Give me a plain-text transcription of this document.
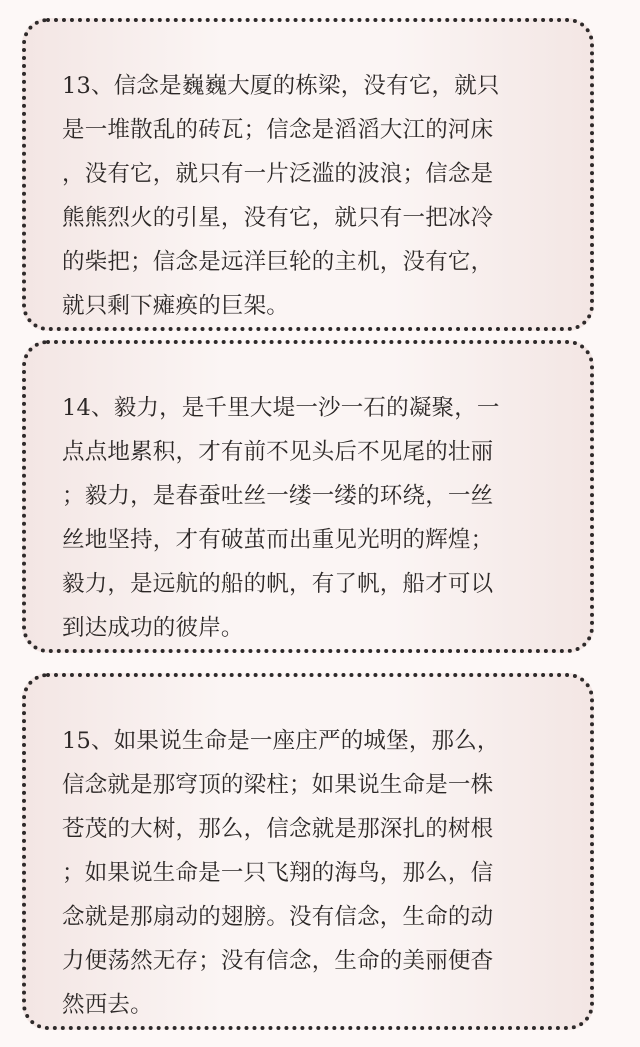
13、信念是巍巍大厦的栋梁，没有它，就只
是一堆散乱的砖瓦；信念是滔滔大江的河床
，没有它，就只有一片泛滥的波浪；信念是
熊熊烈火的引星，没有它，就只有一把冰冷
的柴把；信念是远洋巨轮的主机，没有它，
就只剩下瘫痪的巨架。

14、毅力，是千里大堤一沙一石的凝聚，一
点点地累积，才有前不见头后不见尾的壮丽
；毅力，是春蚕吐丝一缕一缕的环绕，一丝
丝地坚持，才有破茧而出重见光明的辉煌；
毅力，是远航的船的帆，有了帆，船才可以
到达成功的彼岸。

15、如果说生命是一座庄严的城堡，那么，
信念就是那穹顶的梁柱；如果说生命是一株
苍茂的大树，那么，信念就是那深扎的树根
；如果说生命是一只飞翔的海鸟，那么，信
念就是那扇动的翅膀。没有信念，生命的动
力便荡然无存；没有信念，生命的美丽便杳
然西去。
